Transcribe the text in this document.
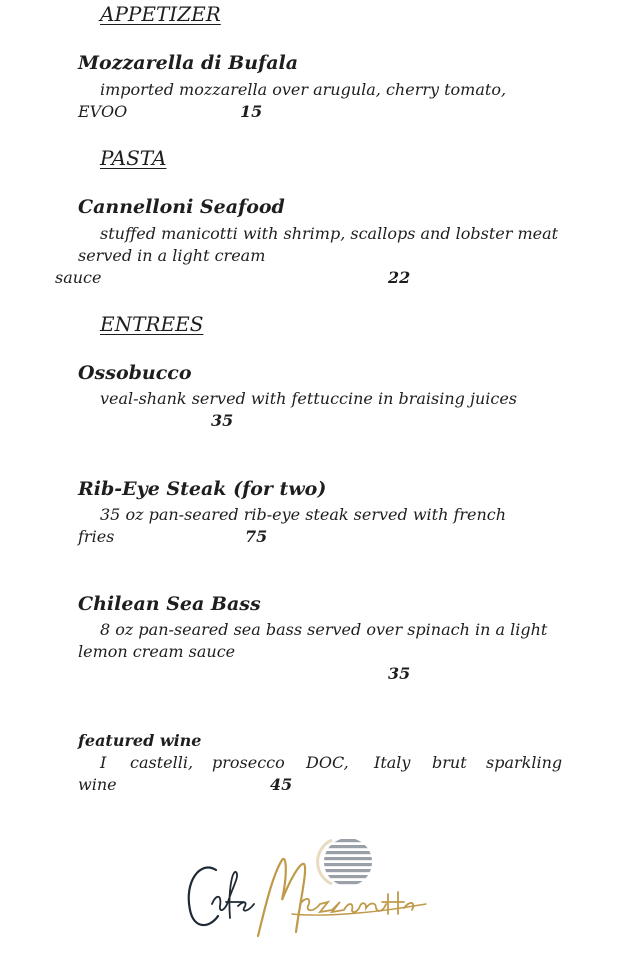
APPETIZER
Mozzarella di Bufala
imported mozzarella over arugula, cherry tomato,
EVOO	15
PASTA
Cannelloni Seafood
stuffed manicotti with shrimp, scallops and lobster meat
served in a light cream
sauce	22
ENTREES
Ossobucco
veal-shank served with fettuccine in braising juices
35
Rib-Eye Steak (for two)
35 oz pan-seared rib-eye steak served with french
fries	75
Chilean Sea Bass
8 oz pan-seared sea bass served over spinach in a light
lemon cream sauce
35
featured wine
I castelli, prosecco DOC, Italy brut sparkling
wine	45
